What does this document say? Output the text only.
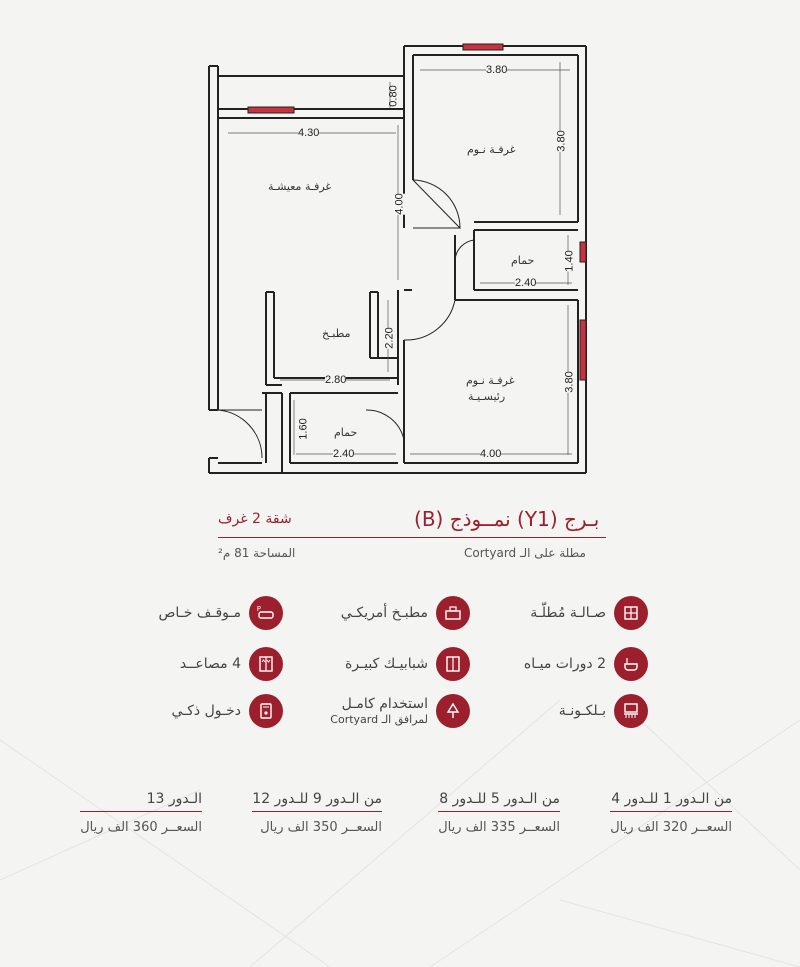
غرفـة معيشـة
غرفـة نـوم
حمام
مطبـخ
غرفـة نـوم
رئيسـيـة
حمام
3.80
0.80
4.30	3.80
4.00
1.40
2.40
2.20
2.80	3.80
1.60
2.40	4.00
بـرج (Y1) نمــوذج (B)
شقة 2 غرف
مطلة على الـ Cortyard
المساحة 81 م²
صـالـة مُطلّـة
مطبـخ أمريكـي
P
مـوقـف خـاص
2 دورات ميـاه
شبابيـك كبيـرة
4 مصاعــد
بـلكـونـة
استخدام كامـل
لمرافق الـ Cortyard
دخـول ذكـي
من الـدور 1 للـدور 4
السعــر 320 الف ريال
من الـدور 5 للـدور 8
السعــر 335 الف ريال
من الـدور 9 للـدور 12
السعــر 350 الف ريال
الـدور 13
السعــر 360 الف ريال
